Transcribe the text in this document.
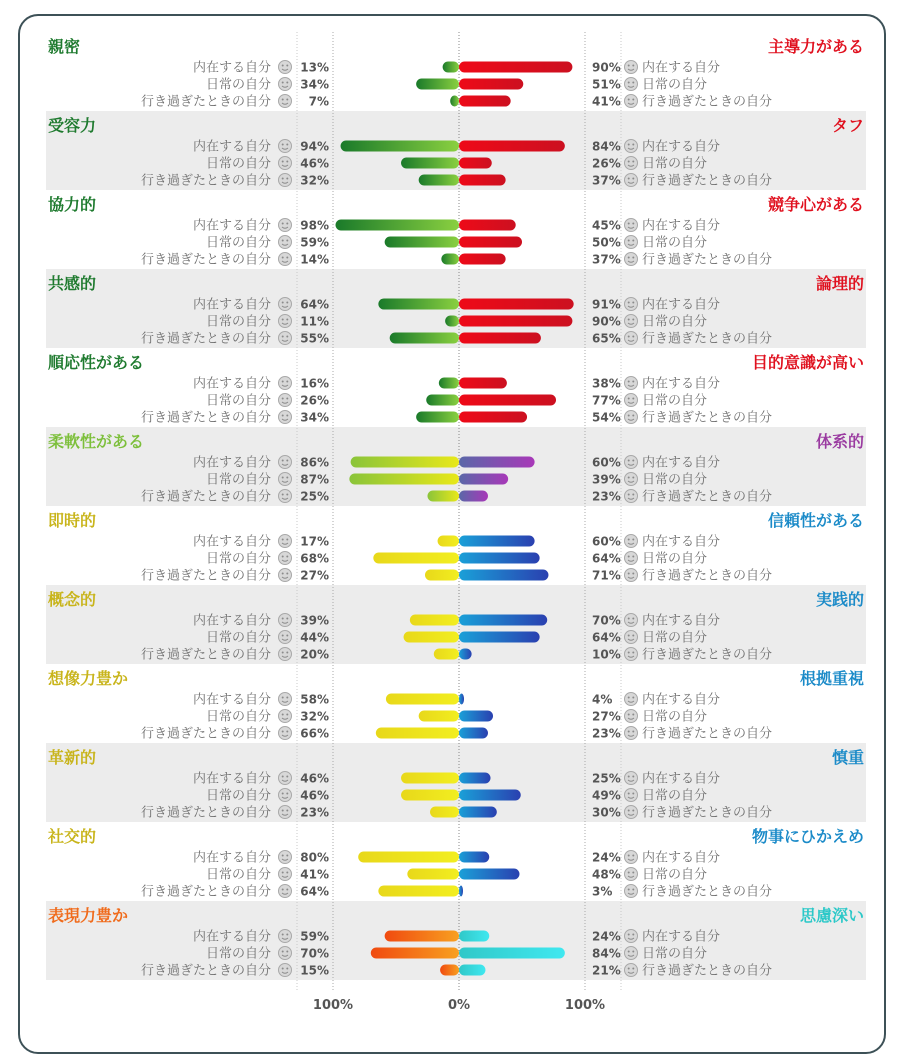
親密	主導力がある
内在する自分 13%	90% 内在する自分
日常の自分 34%	51% 日常の自分
行き過ぎたときの自分	7%	41% 行き過ぎたときの自分
受容力	タフ
内在する自分 94%	84% 内在する自分
日常の自分 46%	26% 日常の自分
行き過ぎたときの自分 32%	37% 行き過ぎたときの自分
協力的	競争心がある
内在する自分 98%	45% 内在する自分
日常の自分 59%	50% 日常の自分
行き過ぎたときの自分 14%	37% 行き過ぎたときの自分
共感的	論理的
内在する自分 64%	91% 内在する自分
日常の自分 11%	90% 日常の自分
行き過ぎたときの自分 55%	65% 行き過ぎたときの自分
順応性がある	目的意識が高い
内在する自分 16%	38% 内在する自分
日常の自分 26%	77% 日常の自分
行き過ぎたときの自分 34%	54% 行き過ぎたときの自分
柔軟性がある	体系的
内在する自分 86%	60% 内在する自分
日常の自分 87%	39% 日常の自分
行き過ぎたときの自分 25%	23% 行き過ぎたときの自分
即時的	信頼性がある
内在する自分 17%	60% 内在する自分
日常の自分 68%	64% 日常の自分
行き過ぎたときの自分 27%	71% 行き過ぎたときの自分
概念的	実践的
内在する自分 39%	70% 内在する自分
日常の自分 44%	64% 日常の自分
行き過ぎたときの自分 20%	10% 行き過ぎたときの自分
想像力豊か	根拠重視
内在する自分 58%	4% 内在する自分
日常の自分 32%	27% 日常の自分
行き過ぎたときの自分 66%	23% 行き過ぎたときの自分
革新的	慎重
内在する自分 46%	25% 内在する自分
日常の自分 46%	49% 日常の自分
行き過ぎたときの自分 23%	30% 行き過ぎたときの自分
社交的	物事にひかえめ
内在する自分 80%	24% 内在する自分
日常の自分 41%	48% 日常の自分
行き過ぎたときの自分 64%	3% 行き過ぎたときの自分
表現力豊か	思慮深い
内在する自分 59%	24% 内在する自分
日常の自分 70%	84% 日常の自分
行き過ぎたときの自分 15%	21% 行き過ぎたときの自分
100%	0%	100%
